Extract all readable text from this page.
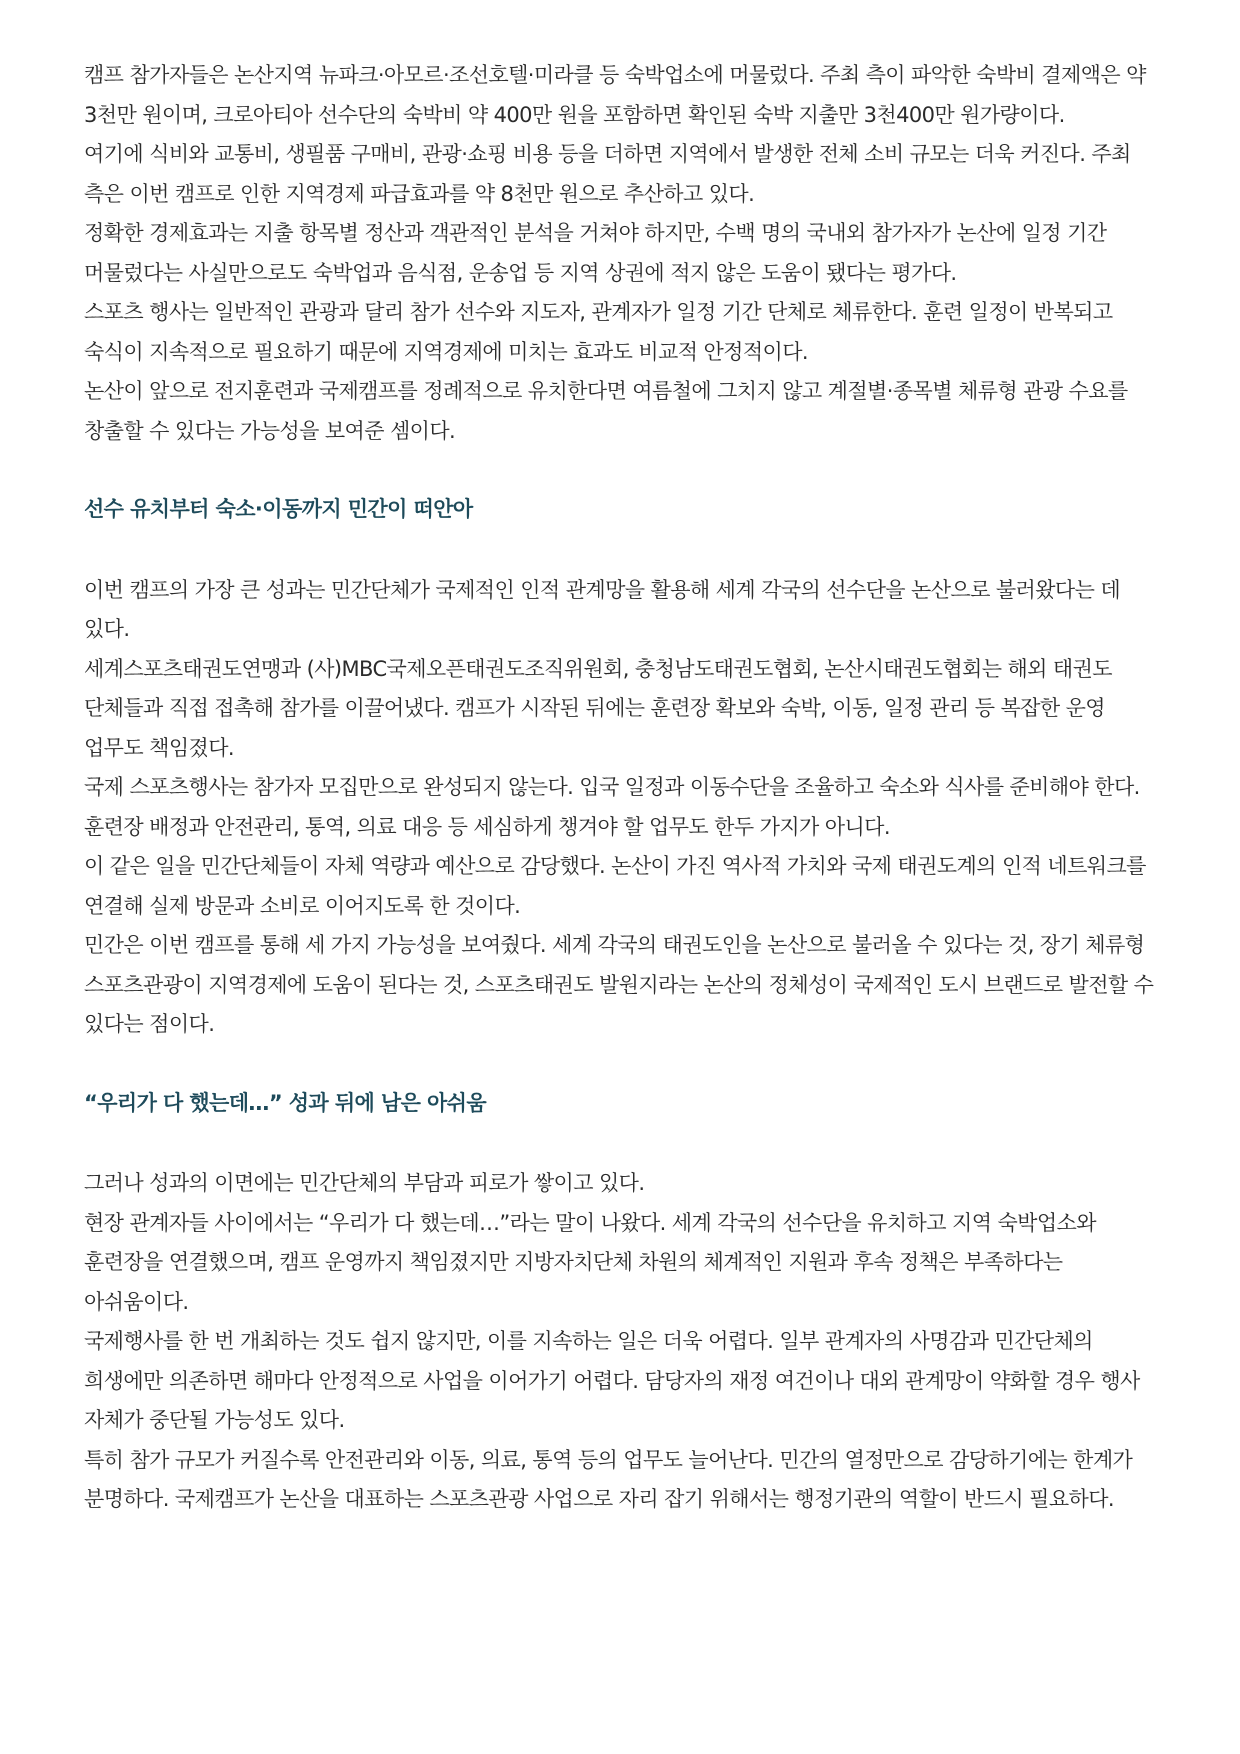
캠프 참가자들은 논산지역 뉴파크·아모르·조선호텔·미라클 등 숙박업소에 머물렀다. 주최 측이 파악한 숙박비 결제액은 약 3천만 원이며, 크로아티아 선수단의 숙박비 약 400만 원을 포함하면 확인된 숙박 지출만 3천400만 원가량이다.

여기에 식비와 교통비, 생필품 구매비, 관광·쇼핑 비용 등을 더하면 지역에서 발생한 전체 소비 규모는 더욱 커진다. 주최 측은 이번 캠프로 인한 지역경제 파급효과를 약 8천만 원으로 추산하고 있다.

정확한 경제효과는 지출 항목별 정산과 객관적인 분석을 거쳐야 하지만, 수백 명의 국내외 참가자가 논산에 일정 기간 머물렀다는 사실만으로도 숙박업과 음식점, 운송업 등 지역 상권에 적지 않은 도움이 됐다는 평가다.

스포츠 행사는 일반적인 관광과 달리 참가 선수와 지도자, 관계자가 일정 기간 단체로 체류한다. 훈련 일정이 반복되고 숙식이 지속적으로 필요하기 때문에 지역경제에 미치는 효과도 비교적 안정적이다.

논산이 앞으로 전지훈련과 국제캠프를 정례적으로 유치한다면 여름철에 그치지 않고 계절별·종목별 체류형 관광 수요를 창출할 수 있다는 가능성을 보여준 셈이다.

선수 유치부터 숙소·이동까지 민간이 떠안아

이번 캠프의 가장 큰 성과는 민간단체가 국제적인 인적 관계망을 활용해 세계 각국의 선수단을 논산으로 불러왔다는 데 있다.

세계스포츠태권도연맹과 (사)MBC국제오픈태권도조직위원회, 충청남도태권도협회, 논산시태권도협회는 해외 태권도 단체들과 직접 접촉해 참가를 이끌어냈다. 캠프가 시작된 뒤에는 훈련장 확보와 숙박, 이동, 일정 관리 등 복잡한 운영 업무도 책임졌다.

국제 스포츠행사는 참가자 모집만으로 완성되지 않는다. 입국 일정과 이동수단을 조율하고 숙소와 식사를 준비해야 한다. 훈련장 배정과 안전관리, 통역, 의료 대응 등 세심하게 챙겨야 할 업무도 한두 가지가 아니다.

이 같은 일을 민간단체들이 자체 역량과 예산으로 감당했다. 논산이 가진 역사적 가치와 국제 태권도계의 인적 네트워크를 연결해 실제 방문과 소비로 이어지도록 한 것이다.

민간은 이번 캠프를 통해 세 가지 가능성을 보여줬다. 세계 각국의 태권도인을 논산으로 불러올 수 있다는 것, 장기 체류형 스포츠관광이 지역경제에 도움이 된다는 것, 스포츠태권도 발원지라는 논산의 정체성이 국제적인 도시 브랜드로 발전할 수 있다는 점이다.

“우리가 다 했는데…” 성과 뒤에 남은 아쉬움

그러나 성과의 이면에는 민간단체의 부담과 피로가 쌓이고 있다.

현장 관계자들 사이에서는 “우리가 다 했는데…”라는 말이 나왔다. 세계 각국의 선수단을 유치하고 지역 숙박업소와 훈련장을 연결했으며, 캠프 운영까지 책임졌지만 지방자치단체 차원의 체계적인 지원과 후속 정책은 부족하다는 아쉬움이다.

국제행사를 한 번 개최하는 것도 쉽지 않지만, 이를 지속하는 일은 더욱 어렵다. 일부 관계자의 사명감과 민간단체의 희생에만 의존하면 해마다 안정적으로 사업을 이어가기 어렵다. 담당자의 재정 여건이나 대외 관계망이 약화할 경우 행사 자체가 중단될 가능성도 있다.

특히 참가 규모가 커질수록 안전관리와 이동, 의료, 통역 등의 업무도 늘어난다. 민간의 열정만으로 감당하기에는 한계가 분명하다. 국제캠프가 논산을 대표하는 스포츠관광 사업으로 자리 잡기 위해서는 행정기관의 역할이 반드시 필요하다.
